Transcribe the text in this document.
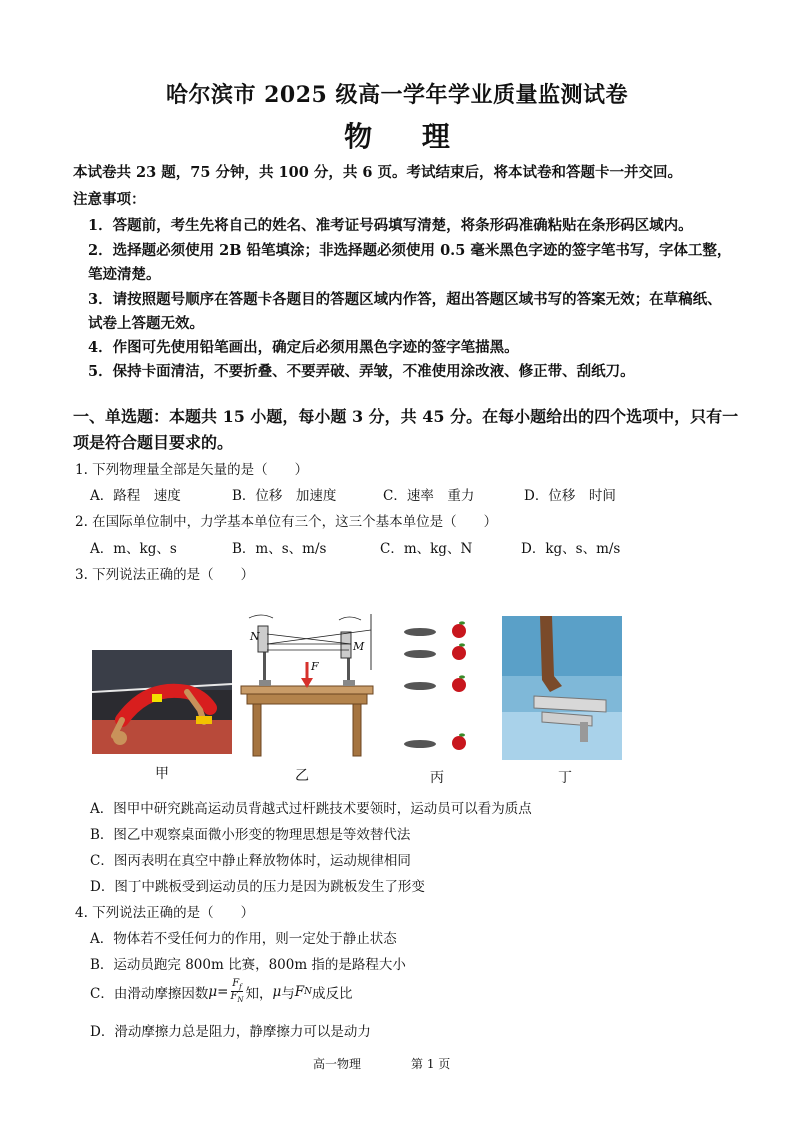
哈尔滨市 2025 级高一学年学业质量监测试卷
物 理
本试卷共 23 题，75 分钟，共 100 分，共 6 页。考试结束后，将本试卷和答题卡一并交回。
注意事项：
1．答题前，考生先将自己的姓名、准考证号码填写清楚，将条形码准确粘贴在条形码区域内。
2．选择题必须使用 2B 铅笔填涂；非选择题必须使用 0.5 毫米黑色字迹的签字笔书写，字体工整，
笔迹清楚。
3．请按照题号顺序在答题卡各题目的答题区域内作答，超出答题区域书写的答案无效；在草稿纸、
试卷上答题无效。
4．作图可先使用铅笔画出，确定后必须用黑色字迹的签字笔描黑。
5．保持卡面清洁，不要折叠、不要弄破、弄皱，不准使用涂改液、修正带、刮纸刀。
一、单选题：本题共 15 小题，每小题 3 分，共 45 分。在每小题给出的四个选项中，只有一
项是符合题目要求的。
1. 下列物理量全部是矢量的是（　　）
A．路程　速度	B．位移　加速度	C．速率　重力	D．位移　时间
2. 在国际单位制中，力学基本单位有三个，这三个基本单位是（　　）
A．m、kg、s	B．m、s、m/s	C．m、kg、N	D．kg、s、m/s
3. 下列说法正确的是（　　）
N
M
F
甲	乙	丙	丁
A．图甲中研究跳高运动员背越式过杆跳技术要领时，运动员可以看为质点
B．图乙中观察桌面微小形变的物理思想是等效替代法
C．图丙表明在真空中静止释放物体时，运动规律相同
D．图丁中跳板受到运动员的压力是因为跳板发生了形变
4. 下列说法正确的是（　　）
A．物体若不受任何力的作用，则一定处于静止状态
B．运动员跑完 800m 比赛，800m 指的是路程大小
C．由滑动摩擦因数 $\mu = \frac{F_f}{F_N}$ 知， μ 与 F N 成反比
D．滑动摩擦力总是阻力，静摩擦力可以是动力
高一物理	第 1 页
